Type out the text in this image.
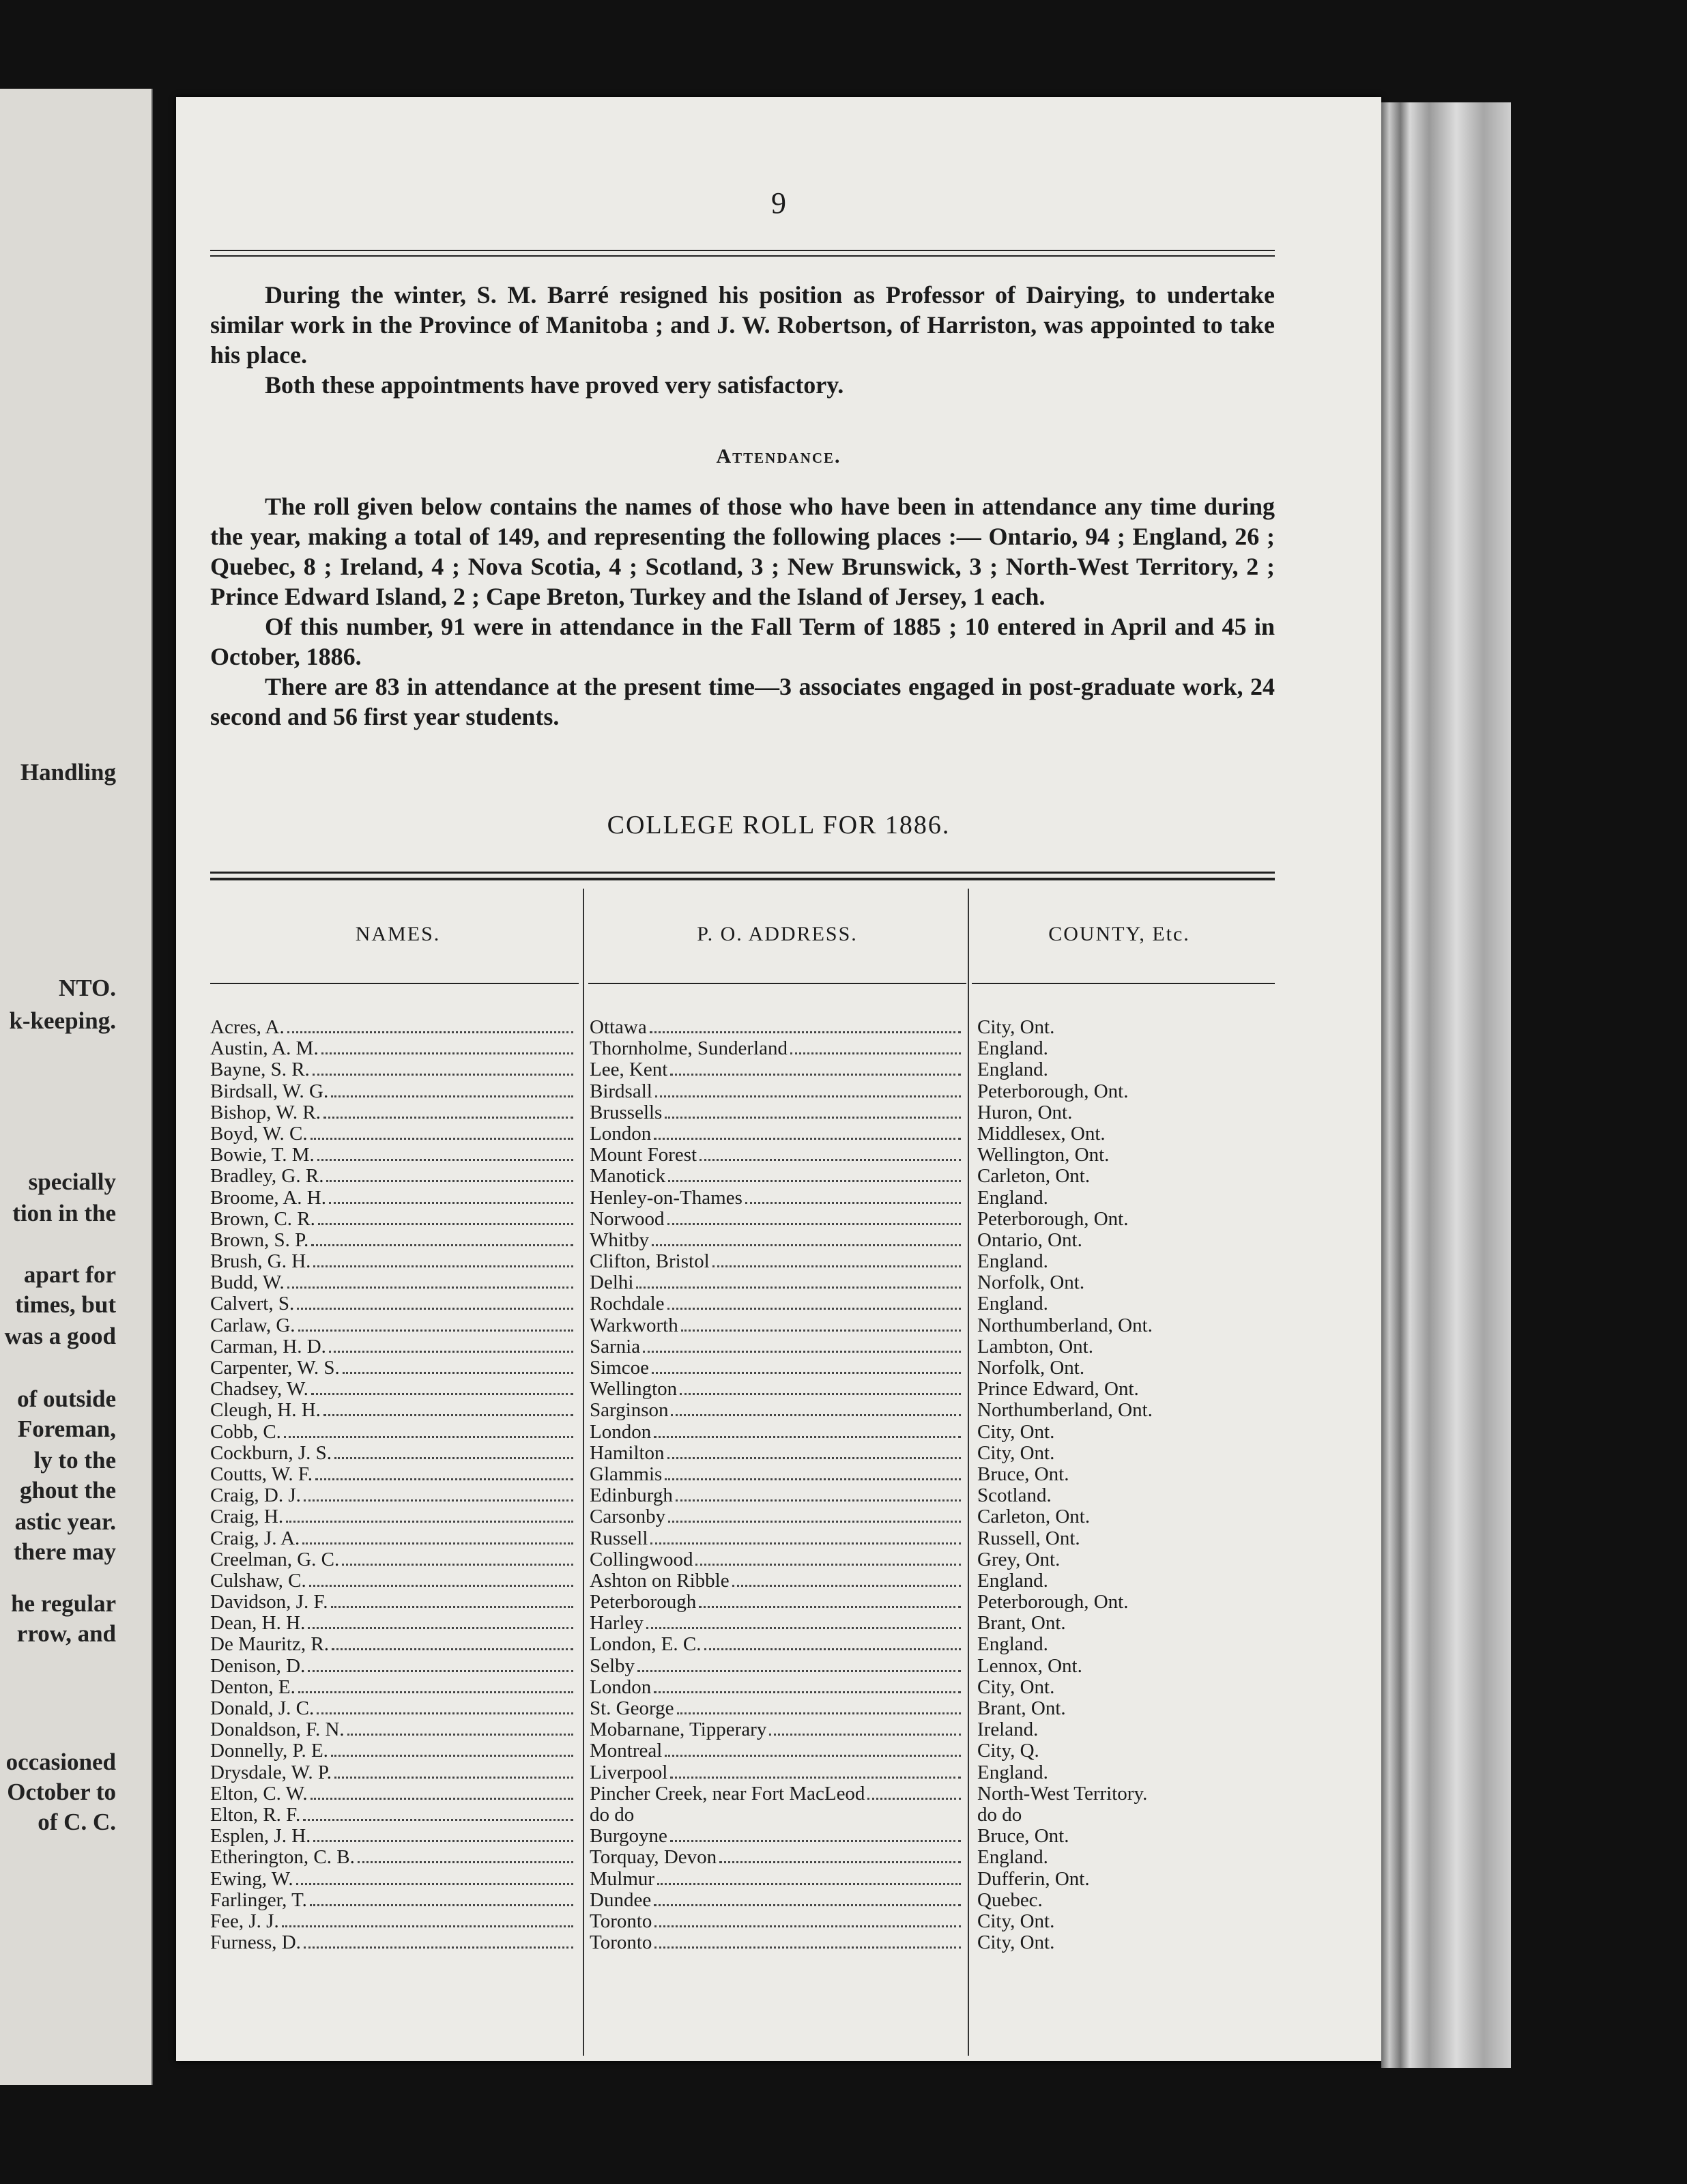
Handling
NTO.
k-keeping.
specially
tion in the
apart for
times, but
was a good
of outside
Foreman,
ly to the
ghout the
astic year.
there may
he regular
rrow, and
occasioned
October to
of C. C.
9

During the winter, S. M. Barré resigned his position as Professor of Dairying, to undertake similar work in the Province of Manitoba ; and J. W. Robertson, of Harriston, was appointed to take his place.

Both these appointments have proved very satisfactory.

Attendance.

The roll given below contains the names of those who have been in attendance any time during the year, making a total of 149, and representing the following places :— Ontario, 94 ; England, 26 ; Quebec, 8 ; Ireland, 4 ; Nova Scotia, 4 ; Scotland, 3 ; New Brunswick, 3 ; North-West Territory, 2 ; Prince Edward Island, 2 ; Cape Breton, Turkey and the Island of Jersey, 1 each.

Of this number, 91 were in attendance in the Fall Term of 1885 ; 10 entered in April and 45 in October, 1886.

There are 83 in attendance at the present time—3 associates engaged in post-graduate work, 24 second and 56 first year students.

COLLEGE ROLL FOR 1886.
NAMES.	P. O. ADDRESS.	COUNTY, Etc.
Acres, A.
Austin, A. M.
Bayne, S. R.
Birdsall, W. G.
Bishop, W. R.
Boyd, W. C.
Bowie, T. M.
Bradley, G. R.
Broome, A. H.
Brown, C. R.
Brown, S. P.
Brush, G. H.
Budd, W.
Calvert, S.
Carlaw, G.
Carman, H. D.
Carpenter, W. S.
Chadsey, W.
Cleugh, H. H.
Cobb, C.
Cockburn, J. S.
Coutts, W. F.
Craig, D. J.
Craig, H.
Craig, J. A.
Creelman, G. C.
Culshaw, C.
Davidson, J. F.
Dean, H. H.
De Mauritz, R.
Denison, D.
Denton, E.
Donald, J. C.
Donaldson, F. N.
Donnelly, P. E.
Drysdale, W. P.
Elton, C. W.
Elton, R. F.
Esplen, J. H.
Etherington, C. B.
Ewing, W.
Farlinger, T.
Fee, J. J.
Furness, D.
Ottawa
Thornholme, Sunderland
Lee, Kent
Birdsall
Brussells
London
Mount Forest
Manotick
Henley-on-Thames
Norwood
Whitby
Clifton, Bristol
Delhi
Rochdale
Warkworth
Sarnia
Simcoe
Wellington
Sarginson
London
Hamilton
Glammis
Edinburgh
Carsonby
Russell
Collingwood
Ashton on Ribble
Peterborough
Harley
London, E. C.
Selby
London
St. George
Mobarnane, Tipperary
Montreal
Liverpool
Pincher Creek, near Fort MacLeod
do do
Burgoyne
Torquay, Devon
Mulmur
Dundee
Toronto
Toronto
City, Ont.
England.
England.
Peterborough, Ont.
Huron, Ont.
Middlesex, Ont.
Wellington, Ont.
Carleton, Ont.
England.
Peterborough, Ont.
Ontario, Ont.
England.
Norfolk, Ont.
England.
Northumberland, Ont.
Lambton, Ont.
Norfolk, Ont.
Prince Edward, Ont.
Northumberland, Ont.
City, Ont.
City, Ont.
Bruce, Ont.
Scotland.
Carleton, Ont.
Russell, Ont.
Grey, Ont.
England.
Peterborough, Ont.
Brant, Ont.
England.
Lennox, Ont.
City, Ont.
Brant, Ont.
Ireland.
City, Q.
England.
North-West Territory.
do do
Bruce, Ont.
England.
Dufferin, Ont.
Quebec.
City, Ont.
City, Ont.
